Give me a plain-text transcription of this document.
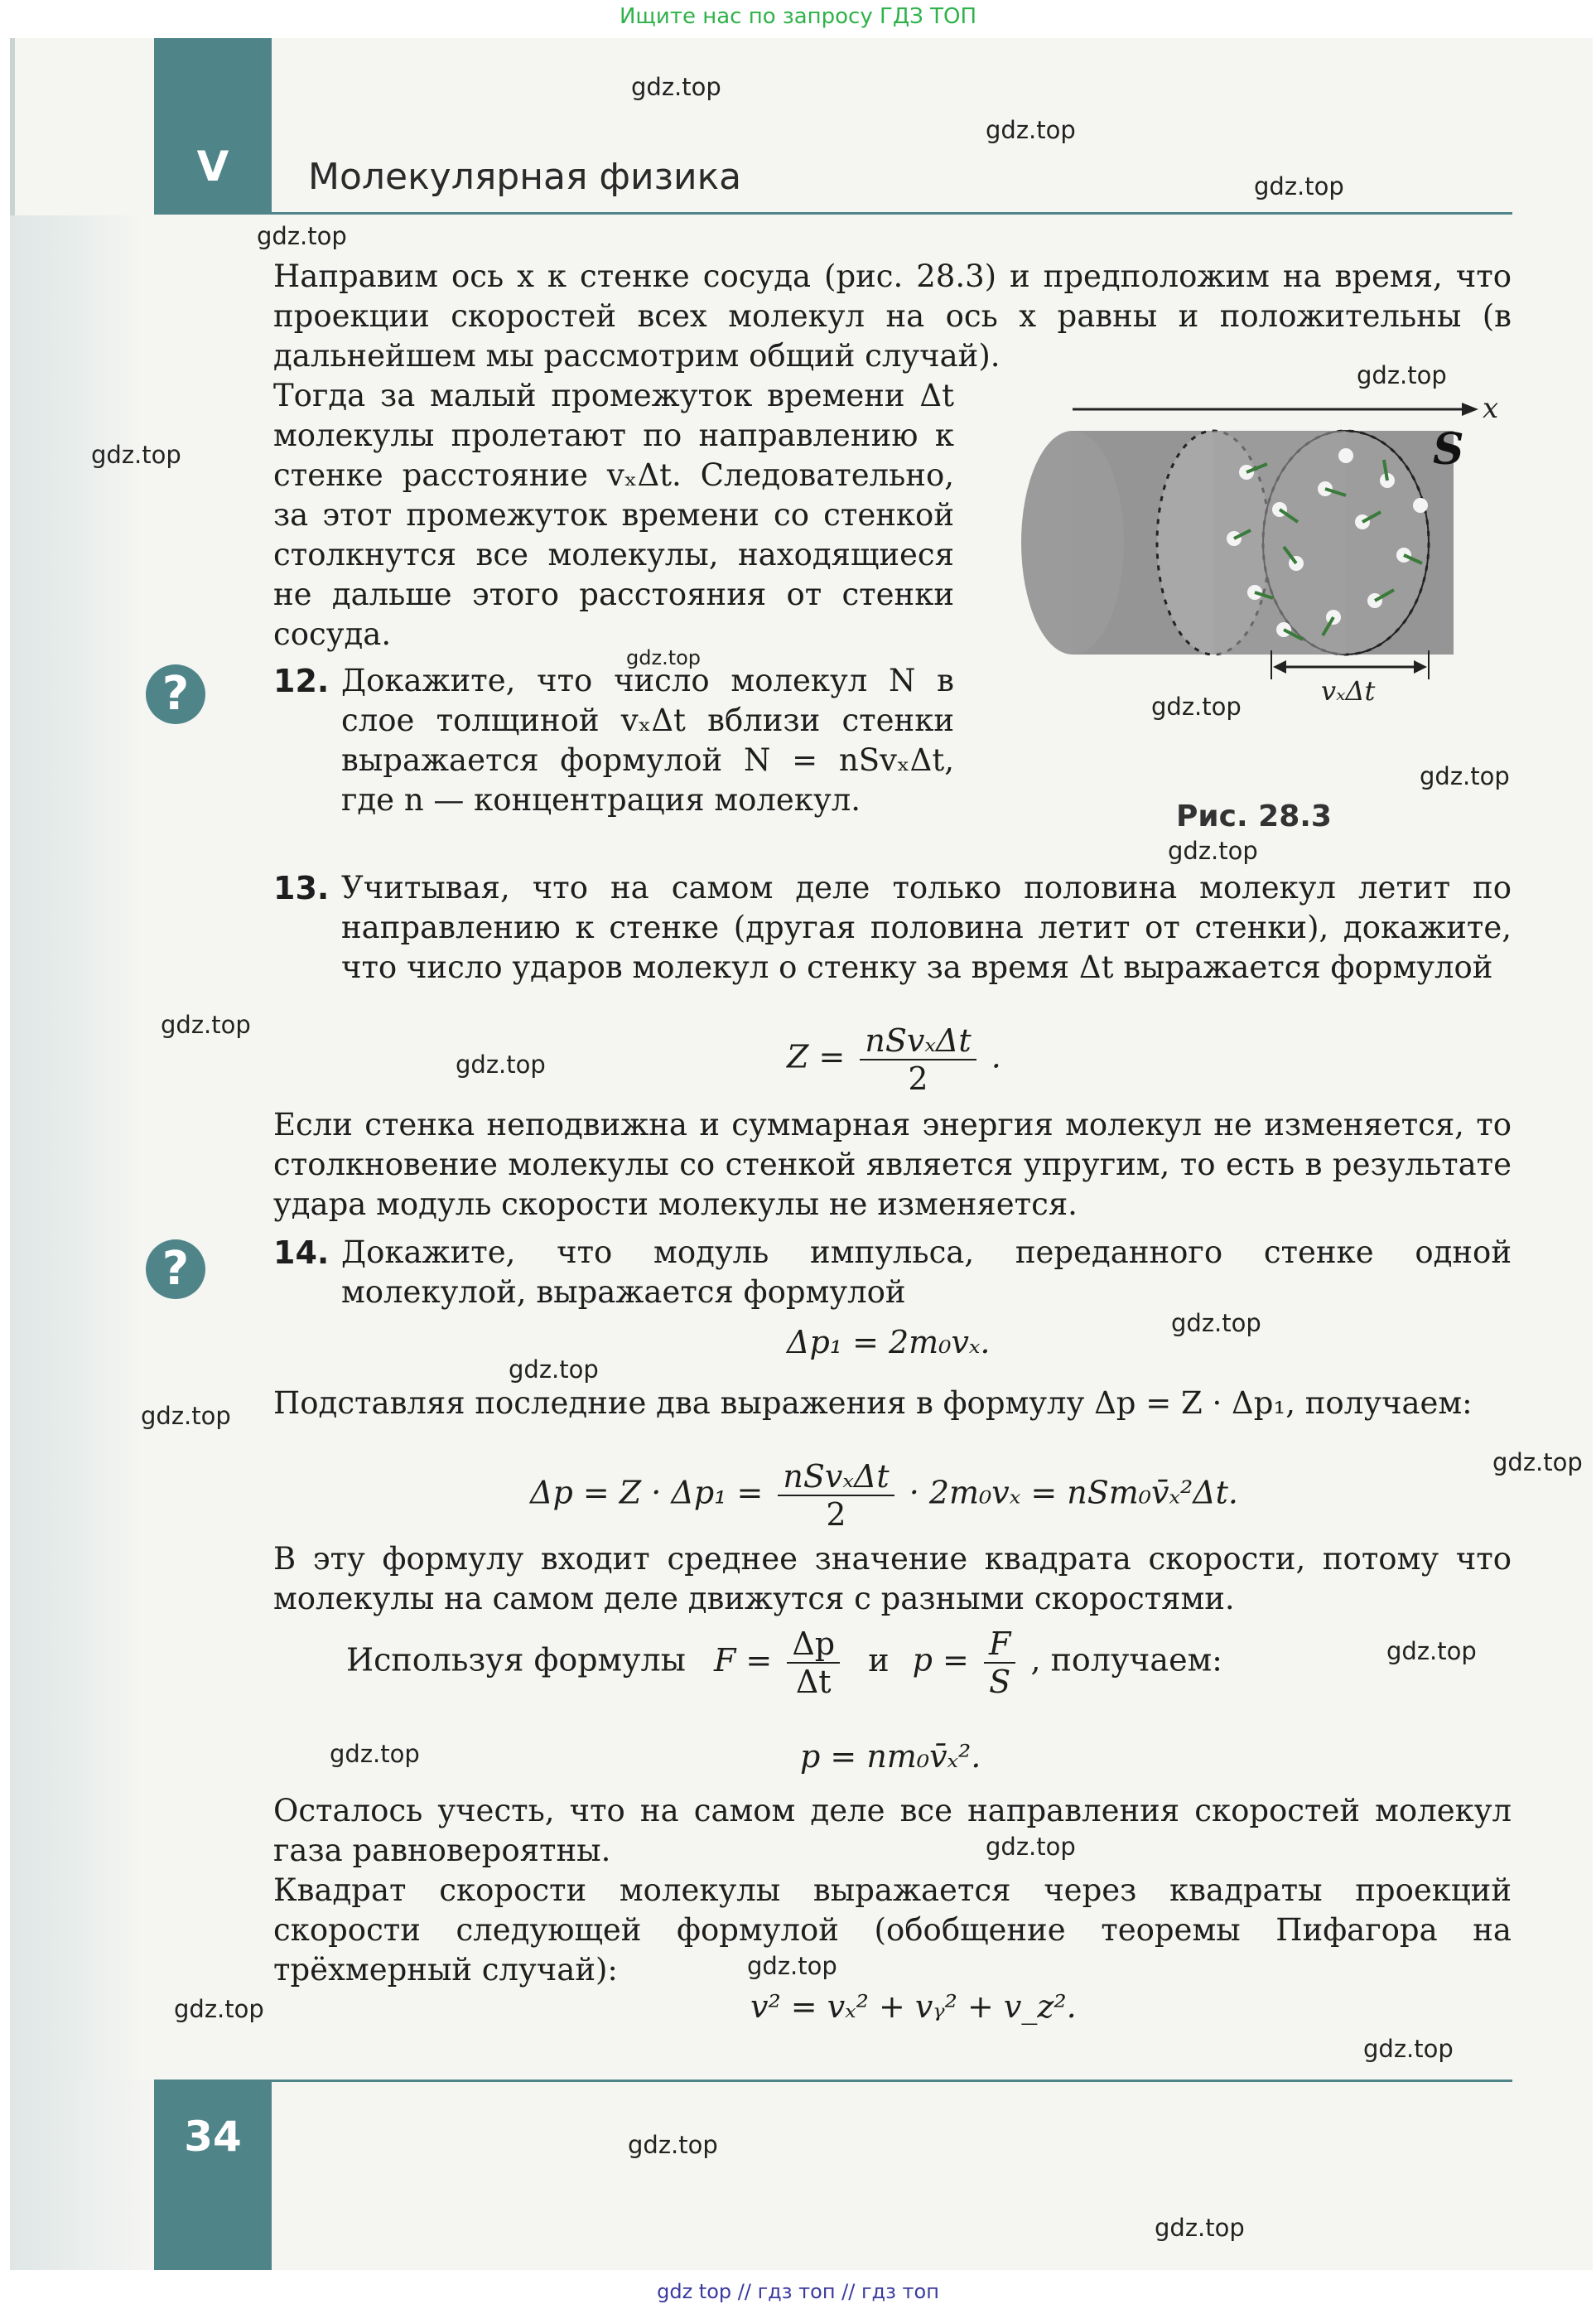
Ищите нас по запросу ГДЗ ТОП
V	Молекулярная физика

Направим ось x к стенке сосуда (рис. 28.3) и предположим на время, что проекции скоростей всех молекул на ось x равны и положительны (в дальнейшем мы рассмотрим общий случай).

Тогда за малый промежуток времени Δt молекулы пролетают по направлению к стенке расстояние vₓΔt. Следовательно, за этот промежуток времени со стенкой столкнутся все молекулы, находящиеся не дальше этого расстояния от стенки сосуда.

x
S
vₓΔt
Рис. 28.3
?	12. Докажите, что число молекул N в слое толщиной vₓΔt вблизи стенки выражается формулой N = nSvₓΔt, где n — концентрация молекул.

13. Учитывая, что на самом деле только половина молекул летит по направлению к стенке (другая половина летит от стенки), докажите, что число ударов молекул о стенку за время Δt выражается формулой

$Z = \frac{\text{nSvₓΔt}}{2}$ .

Если стенка неподвижна и суммарная энергия молекул не изменяется, то столкновение молекулы со стенкой является упругим, то есть в результате удара модуль скорости молекулы не изменяется.

?	14. Докажите, что модуль импульса, переданного стенке одной молекулой, выражается формулой

Δp₁ = 2m₀vₓ.

Подставляя последние два выражения в формулу Δp = Z · Δp₁, получаем:

$\Delta p = Z \cdot \Delta p_1 = \frac{\text{nSvₓΔt}}{2} \cdot 2m_0v_x$ = nSm₀v̄ₓ²Δt.

В эту формулу входит среднее значение квадрата скорости, потому что молекулы на самом деле движутся с разными скоростями.

Используя формулы $F = \frac{\Delta p}{\Delta t}$ и $p = \frac{F}{S}$ , получаем:
p = nm₀v̄ₓ².

Осталось учесть, что на самом деле все направления скоростей молекул газа равновероятны.

Квадрат скорости молекулы выражается через квадраты проекций скорости следующей формулой (обобщение теоремы Пифагора на трёхмерный случай):

v² = vₓ² + vᵧ² + v_z².
34
gdz.top
gdz.top
gdz.top
gdz.top
gdz.top
gdz.top
gdz.top
gdz.top
gdz.top
gdz.top
gdz.top
gdz.top
gdz.top
gdz.top
gdz.top
gdz.top
gdz.top
gdz.top
gdz.top
gdz.top
gdz.top
gdz.top
gdz.top
gdz.top
gdz top // гдз топ // гдз топ
